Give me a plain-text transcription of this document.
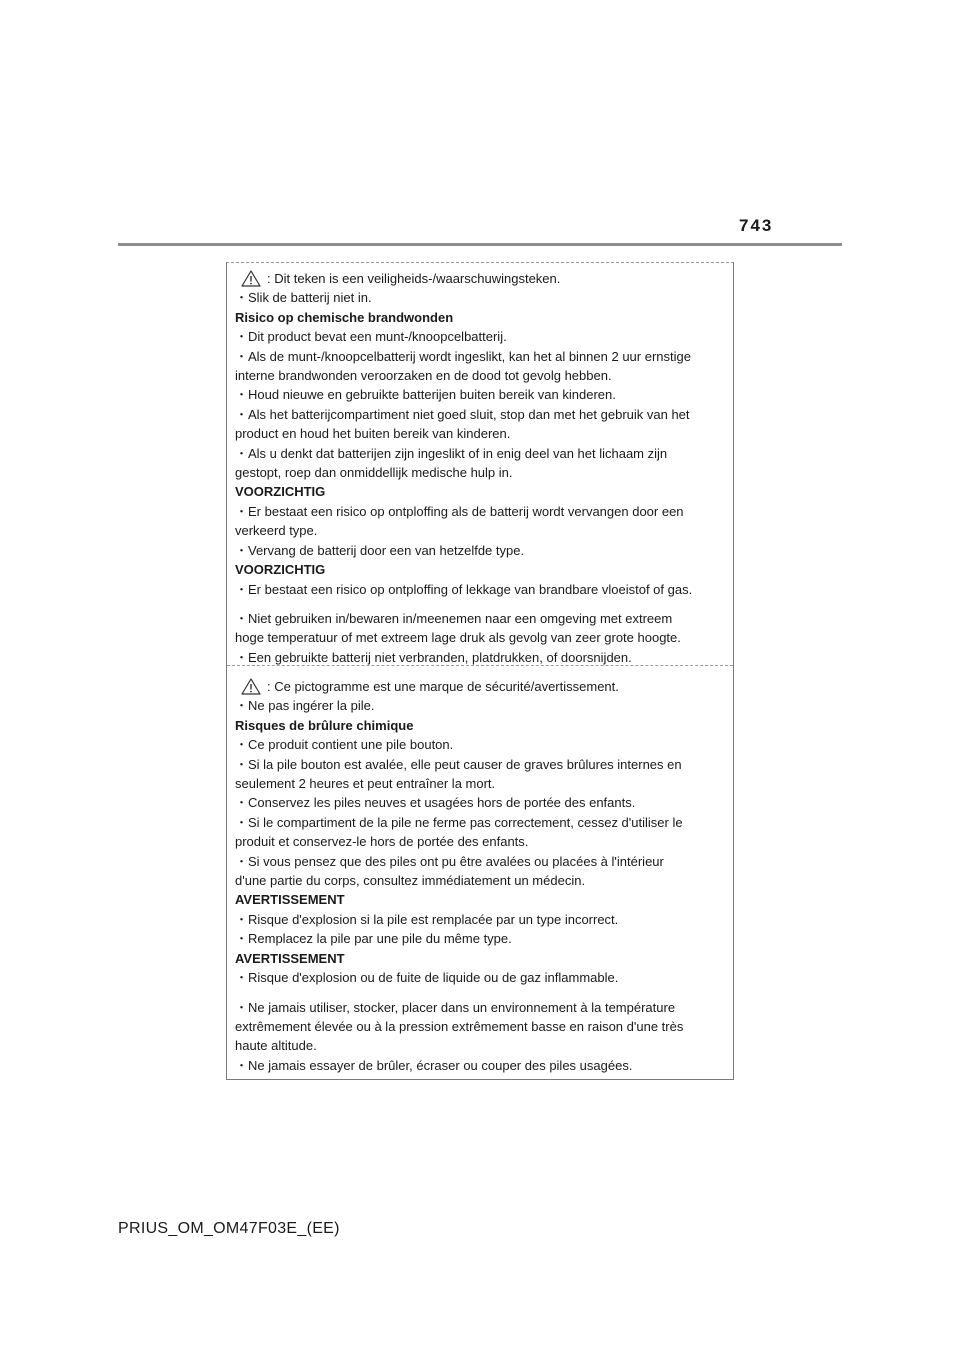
743
: Dit teken is een veiligheids-/waarschuwingsteken.
・Slik de batterij niet in.
Risico op chemische brandwonden
・Dit product bevat een munt-/knoopcelbatterij.
・Als de munt-/knoopcelbatterij wordt ingeslikt, kan het al binnen 2 uur ernstige
interne brandwonden veroorzaken en de dood tot gevolg hebben.
・Houd nieuwe en gebruikte batterijen buiten bereik van kinderen.
・Als het batterijcompartiment niet goed sluit, stop dan met het gebruik van het
product en houd het buiten bereik van kinderen.
・Als u denkt dat batterijen zijn ingeslikt of in enig deel van het lichaam zijn
gestopt, roep dan onmiddellijk medische hulp in.
VOORZICHTIG
・Er bestaat een risico op ontploffing als de batterij wordt vervangen door een
verkeerd type.
・Vervang de batterij door een van hetzelfde type.
VOORZICHTIG
・Er bestaat een risico op ontploffing of lekkage van brandbare vloeistof of gas.
・Niet gebruiken in/bewaren in/meenemen naar een omgeving met extreem
hoge temperatuur of met extreem lage druk als gevolg van zeer grote hoogte.
・Een gebruikte batterij niet verbranden, platdrukken, of doorsnijden.
: Ce pictogramme est une marque de sécurité/avertissement.
・Ne pas ingérer la pile.
Risques de brûlure chimique
・Ce produit contient une pile bouton.
・Si la pile bouton est avalée, elle peut causer de graves brûlures internes en
seulement 2 heures et peut entraîner la mort.
・Conservez les piles neuves et usagées hors de portée des enfants.
・Si le compartiment de la pile ne ferme pas correctement, cessez d'utiliser le
produit et conservez-le hors de portée des enfants.
・Si vous pensez que des piles ont pu être avalées ou placées à l'intérieur
d'une partie du corps, consultez immédiatement un médecin.
AVERTISSEMENT
・Risque d'explosion si la pile est remplacée par un type incorrect.
・Remplacez la pile par une pile du même type.
AVERTISSEMENT
・Risque d'explosion ou de fuite de liquide ou de gaz inflammable.
・Ne jamais utiliser, stocker, placer dans un environnement à la température
extrêmement élevée ou à la pression extrêmement basse en raison d'une très
haute altitude.
・Ne jamais essayer de brûler, écraser ou couper des piles usagées.
PRIUS_OM_OM47F03E_(EE)
